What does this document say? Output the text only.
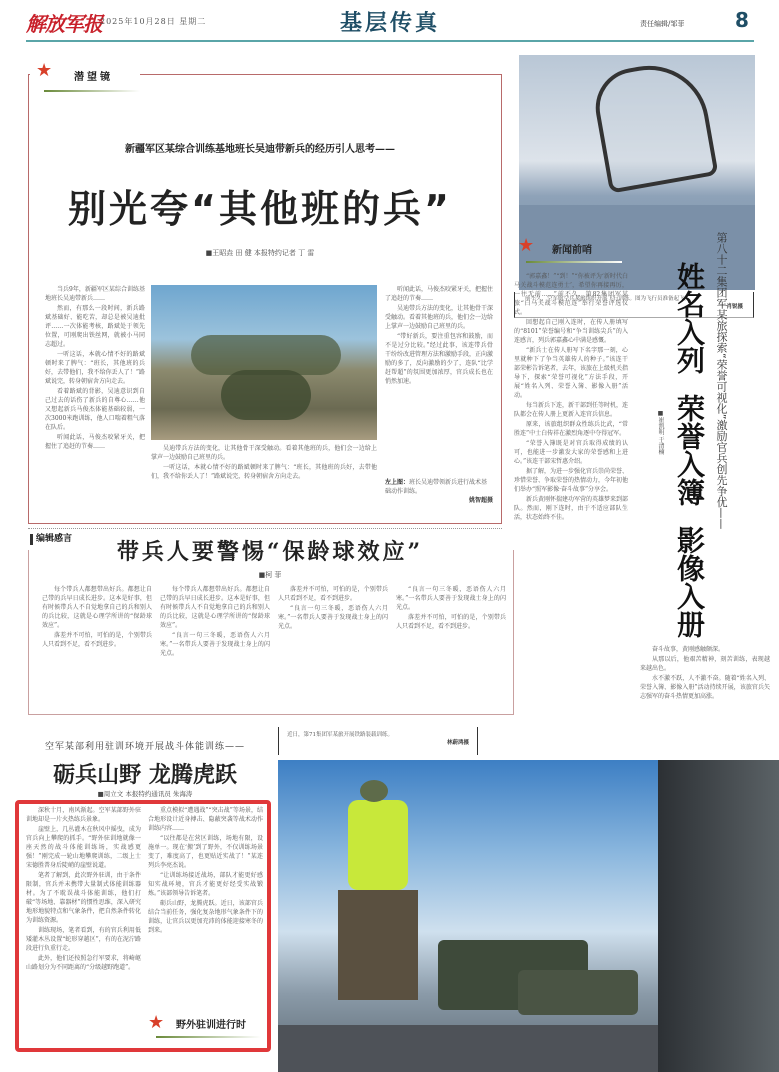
解放军报
2025年10月28日 星期二	基层传真	责任编辑/邹菲	8
★ 潜望镜
新疆军区某综合训练基地班长吴迪带新兵的经历引人思考——
别光夸“其他班的兵”
■王昭垚 田 健 本报特约记者 丁 雷

当兵9年，新疆军区某综合训练基地班长吴迪带新兵……

然而，有那么一段时间，新兵路斌基础好、能吃苦，却总是被吴迪批评……一次体能考核，路斌处于领先位置，可刚爬出铁丝网，就被小马同志超过。

一听这话，本就心情不好的路斌顿时来了脾气：“班长，其他班的兵好，去带他们，我不给你丢人了！”路斌说完，转身朝宿舍方向走去。

看着路斌的背影，吴迪意识到自己过去的话伤了新兵的自尊心……他又想起新兵马俊杰体能基础较弱，一次3000米跑训练，他人口喘着粗气落在队后。

听闻此话，马俊杰咬紧牙关，把握住了追赶的节奏……	吴迪带兵方法的变化，让其他骨干深受触动。看着其他班的兵，他们会一边给上掌声一边鼓励自己班里的兵。

一听这话，本就心情不好的路斌顿时来了脾气：“班长，其他班的兵好，去带他们，我不给你丢人了！”路斌说完，转身朝宿舍方向走去。

听闻此话，马俊杰咬紧牙关，把握住了追赶的节奏……

吴迪带兵方法的变化，让其他骨干深受触动。看着其他班的兵，他们会一边给上掌声一边鼓励自己班里的兵。

“带好新兵，要注重包容和鼓励，而不是过分比较。”经过此事，该连带兵骨干纷纷改进管理方法和激励手段，正向激励的多了，反向激励的少了，连队“比学赶帮超”的氛围更加浓厚，官兵成长也在悄然加速。

左上图：班长吴迪带领新兵进行战术基础动作训练。
姚智超摄
前不久，空军航空兵某旅组织开展飞行训练。图为飞行员准备起飞。
肖锐摄
★ 新闻前哨

“郭嘉鑫！”“到！”“你被评为‘新时代白马关战斗模范连勇士’，希望你再接再厉，一往无前……”前不久，第82集团军某旅“白马关战斗模范连”举行荣誉评选仪式。

回想起自己刚入连时，在传人册填写的“8101”荣誉编号和“争当训练尖兵”的入连感言，列兵郭嘉鑫心中满是感慨。

“新兵士在传人册写下名字那一刻，心里就种下了争当英雄传人的种子。”该连干部荣彬告诉笔者，去年，该旅在上级机关指导下，探索“荣誉可视化”方法手段，开展“姓名入列、荣誉入簿、影像入册”活动。

每当新兵下连，新干部到任等时机，连队都会在传人册上更新入连官兵信息。

原来，该旅组织群众性练兵比武，“常胜连”中士白传祥在激烈角逐中夺得冠军。

“荣誉入簿既是对官兵取得成绩的认可，也能进一步激发大家的荣誉感和上进心。”该连干部宋哲惠介绍。

据了解，为进一步强化官兵崇尚荣誉、珍惜荣誉、争取荣誉的热情动力，今年初他们举办“照军影像·奋斗故事”分享会。

新兵黄刚怀揣建功军营的英雄梦来到部队。然而，刚下连时，由于不适应部队生活，状态始终不佳。

姓名入列荣誉入簿影像入册
第八十二集团军某旅探索“荣誉可视化”激励官兵创先争优——
■崔凯明 于清楠

奋斗故事，黄刚感触颇深。

从那以后，他艰苦精神，刻苦训练，表现越来越出色。

水不激不跃，人不激不奋。随着“姓名入列、荣誉入簿、影像入册”活动持续开展，该旅官兵矢志强军的奋斗热情更加高涨。

编辑感言	带兵人要警惕“保龄球效应”
■柯 菲

每个带兵人都想带出好兵。都想让自己带的兵早日成长进步。这本是好事，但有时候带兵人不自觉地拿自己的兵和别人的兵比较，这就是心理学所讲的“保龄球效应”。

落差并不可怕，可怕的是，个别带兵人只看到不足，看不到进步。

每个带兵人都想带出好兵。都想让自己带的兵早日成长进步。这本是好事，但有时候带兵人不自觉地拿自己的兵和别人的兵比较，这就是心理学所讲的“保龄球效应”。

“良言一句三冬暖，恶语伤人六月寒。”一名带兵人要善于发现战士身上的闪光点。

落差并不可怕，可怕的是，个别带兵人只看到不足，看不到进步。

“良言一句三冬暖，恶语伤人六月寒。”一名带兵人要善于发现战士身上的闪光点。

“良言一句三冬暖，恶语伤人六月寒。”一名带兵人要善于发现战士身上的闪光点。

落差并不可怕，可怕的是，个别带兵人只看到不足，看不到进步。

空军某部利用驻训环境开展战斗体能训练——
砺兵山野 龙腾虎跃
■周立文 本报特约通讯员 朱海涛

深秋十月，南风渐起。空军某部野外驻训地却是一片火热练兵景象。

崖壁上，几丛灌木在秋风中摇曳，成为官兵向上攀爬的抓手。“野外驻训地就像一座天然的战斗体能训练场，实战感更强！”刚完成一轮山地攀爬训练，二级上士宋德胜普身后陡峭的崖壁说道。

笔者了解到，此次野外驻训，由于条件限制，官兵并未携带大量制式体能训练器材。为了不耽误战斗体能训练，他们打破“等场地、靠器材”的惯性思维，深入研究地形地貌特点和气象条件，把自然条件转化为训练资源。

训练现场，笔者看到，有的官兵利用低矮灌木丛设置“蛇形穿越区”，有的在泥泞路段进行负重行走。

此外，他们还按照急行军要求，将崎岖山路划分为不同距离的“分级越野跑道”。

重点模拟“遭遇战”“突击战”等场景，结合地形设计近身搏击、隐蔽突袭等战术动作训练内容……

“以往都是在营区训练，场地有限，设施单一。现在‘搬’到了野外，不仅训练场景变了，难度高了，也更贴近实战了！”某连列兵李亮杰说。

“让训练场接近战场，部队才能更好感知实战环境，官兵才能更好经受实战锻炼。”该部领导告诉笔者。

砺兵山野，龙腾虎跃。近日，该部官兵结合当前任务，强化复杂地形气象条件下的训练，让官兵以更加充沛的体能迎接寒冬的到来。

★ 野外驻训进行时
近日，第71集团军某旅开展铁路装载训练。
林蔚鸿摄
